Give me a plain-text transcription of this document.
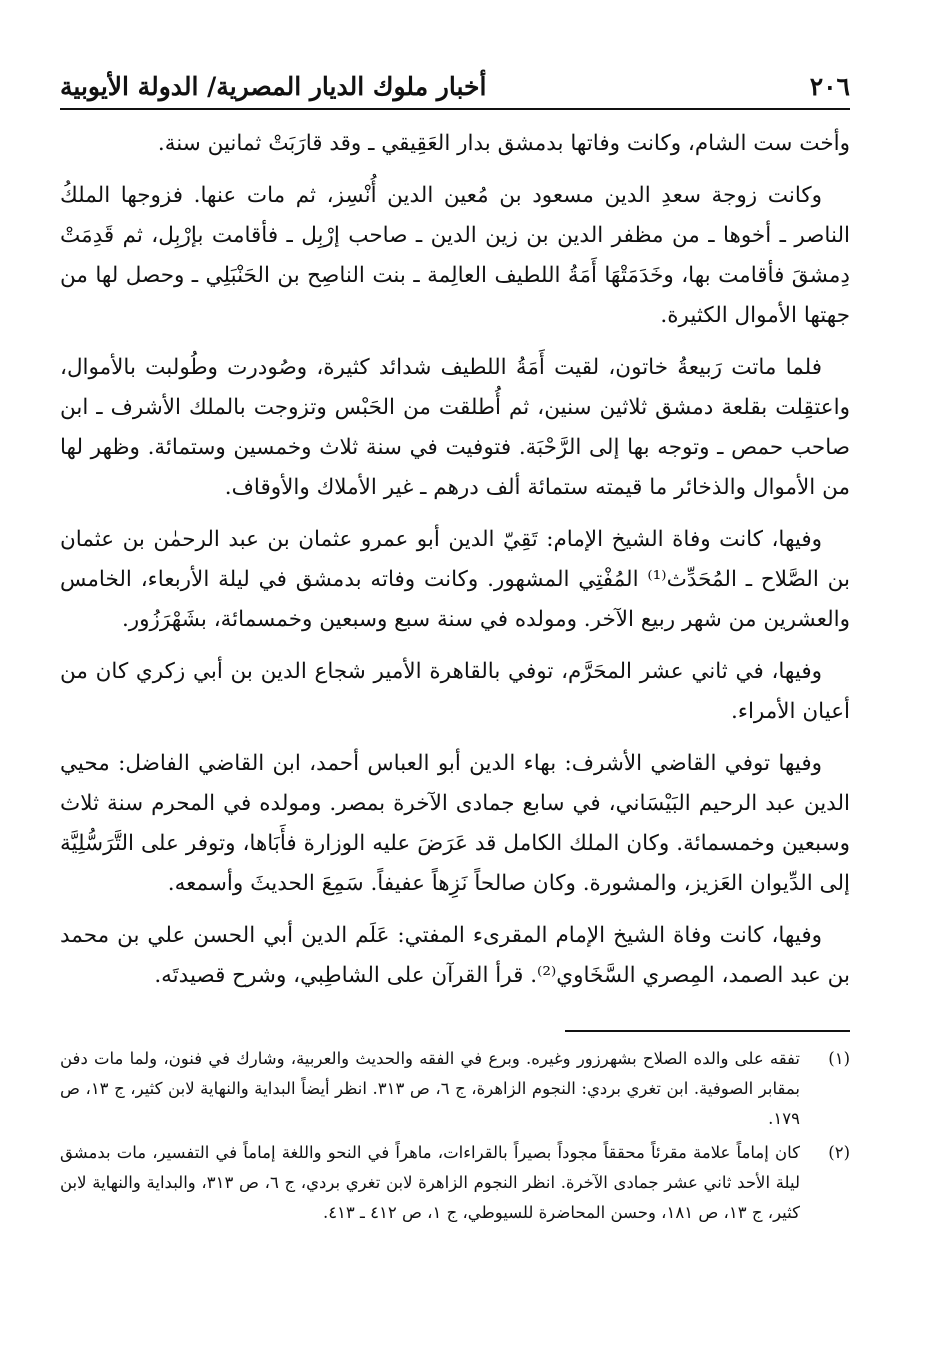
٢٠٦
أخبار ملوك الديار المصرية/ الدولة الأيوبية

وأخت ست الشام، وكانت وفاتها بدمشق بدار العَقِيقي ـ وقد قارَبَتْ ثمانين سنة.

وكانت زوجة سعدِ الدين مسعود بن مُعين الدين أُنْسِز، ثم مات عنها. فزوجها الملكُ الناصر ـ أخوها ـ من مظفر الدين بن زين الدين ـ صاحب إرْبِل ـ فأقامت بإرْبِل، ثم قَدِمَتْ دِمشقَ فأقامت بها، وخَدَمَتْهَا أَمَةُ اللطيف العالِمة ـ بنت الناصِح بن الحَنْبَلِي ـ وحصل لها من جهتها الأموال الكثيرة.

فلما ماتت رَبيعةُ خاتون، لقيت أَمَةُ اللطيف شدائد كثيرة، وصُودرت وطُولبت بالأموال، واعتقِلت بقلعة دمشق ثلاثين سنين، ثم أُطلقت من الحَبْس وتزوجت بالملك الأشرف ـ ابن صاحب حمص ـ وتوجه بها إلى الرَّحْبَة. فتوفيت في سنة ثلاث وخمسين وستمائة. وظهر لها من الأموال والذخائر ما قيمته ستمائة ألف درهم ـ غير الأملاك والأوقاف.

وفيها، كانت وفاة الشيخ الإمام: تَقِيّ الدين أبو عمرو عثمان بن عبد الرحمٰن بن عثمان بن الصَّلاح ـ المُحَدِّث⁽¹⁾ المُفْتِي المشهور. وكانت وفاته بدمشق في ليلة الأربعاء، الخامس والعشرين من شهر ربيع الآخر. ومولده في سنة سبع وسبعين وخمسمائة، بشَهْرَزُور.

وفيها، في ثاني عشر المحَرَّم، توفي بالقاهرة الأمير شجاع الدين بن أبي زكري كان من أعيان الأمراء.

وفيها توفي القاضي الأشرف: بهاء الدين أبو العباس أحمد، ابن القاضي الفاضل: محيي الدين عبد الرحيم البَيْسَاني، في سابع جمادى الآخرة بمصر. ومولده في المحرم سنة ثلاث وسبعين وخمسمائة. وكان الملك الكامل قد عَرَضَ عليه الوزارة فأَبَاها، وتوفر على التَّرَسُّلِيَّة إلى الدِّيوان العَزيز، والمشورة. وكان صالحاً نَزِهاً عفيفاً. سَمِعَ الحديثَ وأسمعه.

وفيها، كانت وفاة الشيخ الإمام المقرىء المفتي: عَلَم الدين أبي الحسن علي بن محمد بن عبد الصمد، المِصري السَّخَاوي⁽²⁾. قرأ القرآن على الشاطِبي، وشرح قصيدتَه.

(١)
تفقه على والده الصلاح بشهرزور وغيره. وبرع في الفقه والحديث والعربية، وشارك في فنون، ولما مات دفن بمقابر الصوفية. ابن تغري بردي: النجوم الزاهرة، ج ٦، ص ٣١٣. انظر أيضاً البداية والنهاية لابن كثير، ج ١٣، ص ١٧٩.
(٢)
كان إماماً علامة مقرئاً محققاً مجوداً بصيراً بالقراءات، ماهراً في النحو واللغة إماماً في التفسير، مات بدمشق ليلة الأحد ثاني عشر جمادى الآخرة. انظر النجوم الزاهرة لابن تغري بردي، ج ٦، ص ٣١٣، والبداية والنهاية لابن كثير، ج ١٣، ص ١٨١، وحسن المحاضرة للسيوطي، ج ١، ص ٤١٢ ـ ٤١٣.
